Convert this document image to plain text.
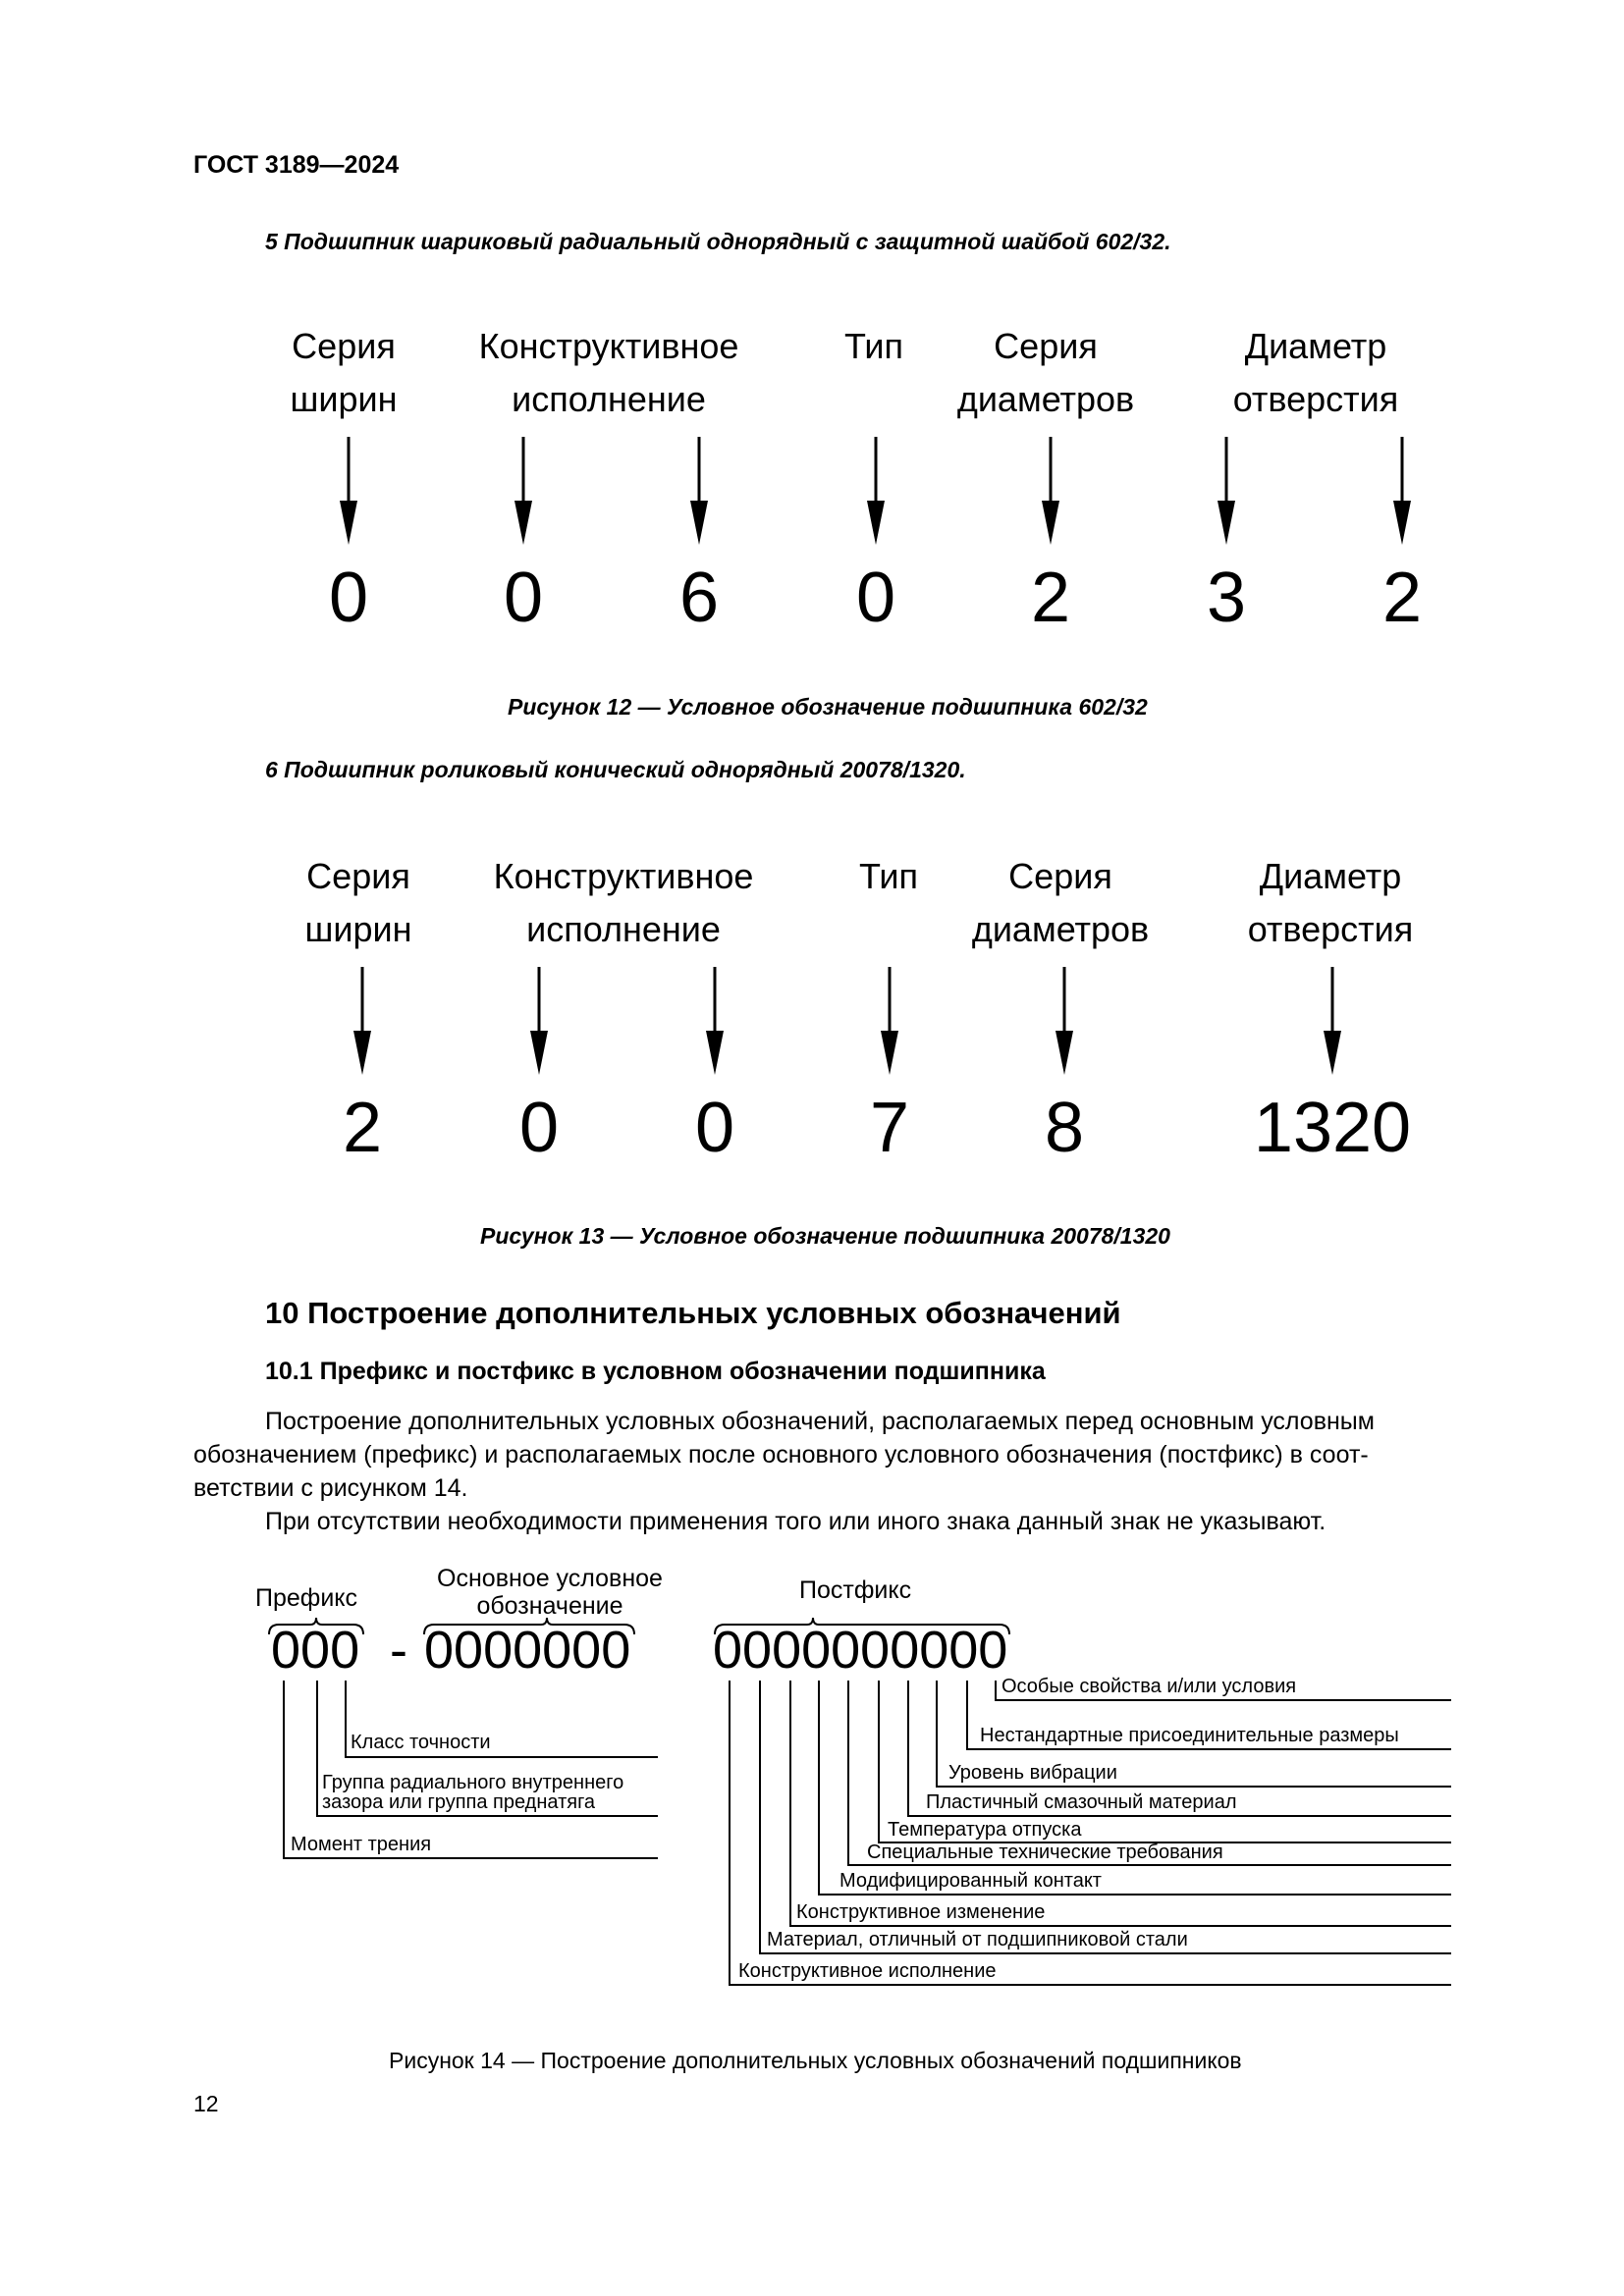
ГОСТ 3189—2024
5 Подшипник шариковый радиальный однорядный с защитной шайбой 602/32.
Серия
ширин
Конструктивное
исполнение
Тип	Серия
диаметров
Диаметр
отверстия
0 0 6 0 2 3 2
Рисунок 12 — Условное обозначение подшипника 602/32
6 Подшипник роликовый конический однорядный 20078/1320.
Серия
ширин
Конструктивное
исполнение
Тип	Серия
диаметров
Диаметр
отверстия
2 0 0 7 8	1320
Рисунок 13 — Условное обозначение подшипника 20078/1320
10 Построение дополнительных условных обозначений
10.1 Префикс и постфикс в условном обозначении подшипника
Построение дополнительных условных обозначений, располагаемых перед основным условным
обозначением (префикс) и располагаемых после основного условного обозначения (постфикс) в соот-
ветствии с рисунком 14.
При отсутствии необходимости применения того или иного знака данный знак не указывают.
Префикс
Основное условное
обозначение
Постфикс
000 - 0000000 0000000000
Класс точности
Группа радиального внутреннего
зазора или группа преднатяга
Момент трения
Особые свойства и/или условия
Нестандартные присоединительные размеры
Уровень вибрации
Пластичный смазочный материал
Температура отпуска
Специальные технические требования
Модифицированный контакт
Конструктивное изменение
Материал, отличный от подшипниковой стали
Конструктивное исполнение
Рисунок 14 — Построение дополнительных условных обозначений подшипников
12
